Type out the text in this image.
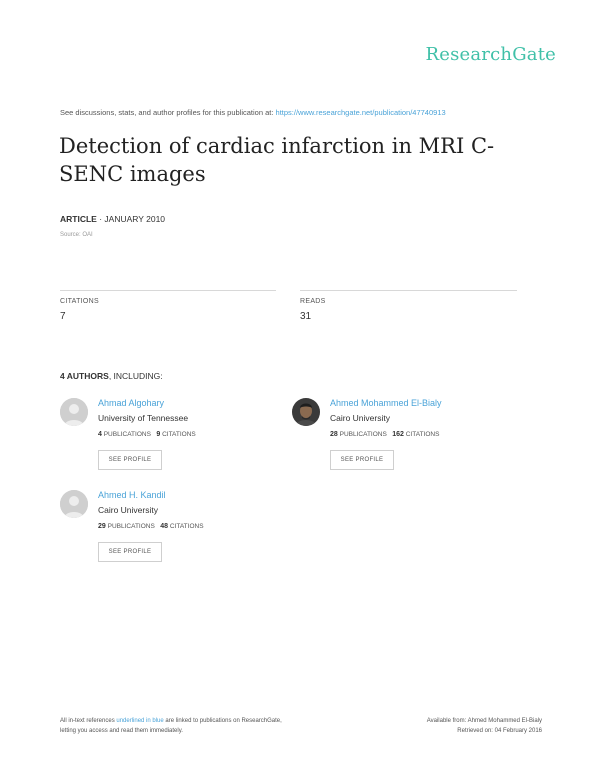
ResearchGate
See discussions, stats, and author profiles for this publication at: https://www.researchgate.net/publication/47740913
Detection of cardiac infarction in MRI C-SENC images
ARTICLE · JANUARY 2010
Source: OAI
CITATIONS
7
READS
31
4 AUTHORS, INCLUDING:
Ahmad Algohary
University of Tennessee
4 PUBLICATIONS 9 CITATIONS
SEE PROFILE
Ahmed Mohammed El-Bialy
Cairo University
28 PUBLICATIONS 162 CITATIONS
SEE PROFILE
Ahmed H. Kandil
Cairo University
29 PUBLICATIONS 48 CITATIONS
SEE PROFILE
All in-text references underlined in blue are linked to publications on ResearchGate,
letting you access and read them immediately.
Available from: Ahmed Mohammed El-Bialy
Retrieved on: 04 February 2016
